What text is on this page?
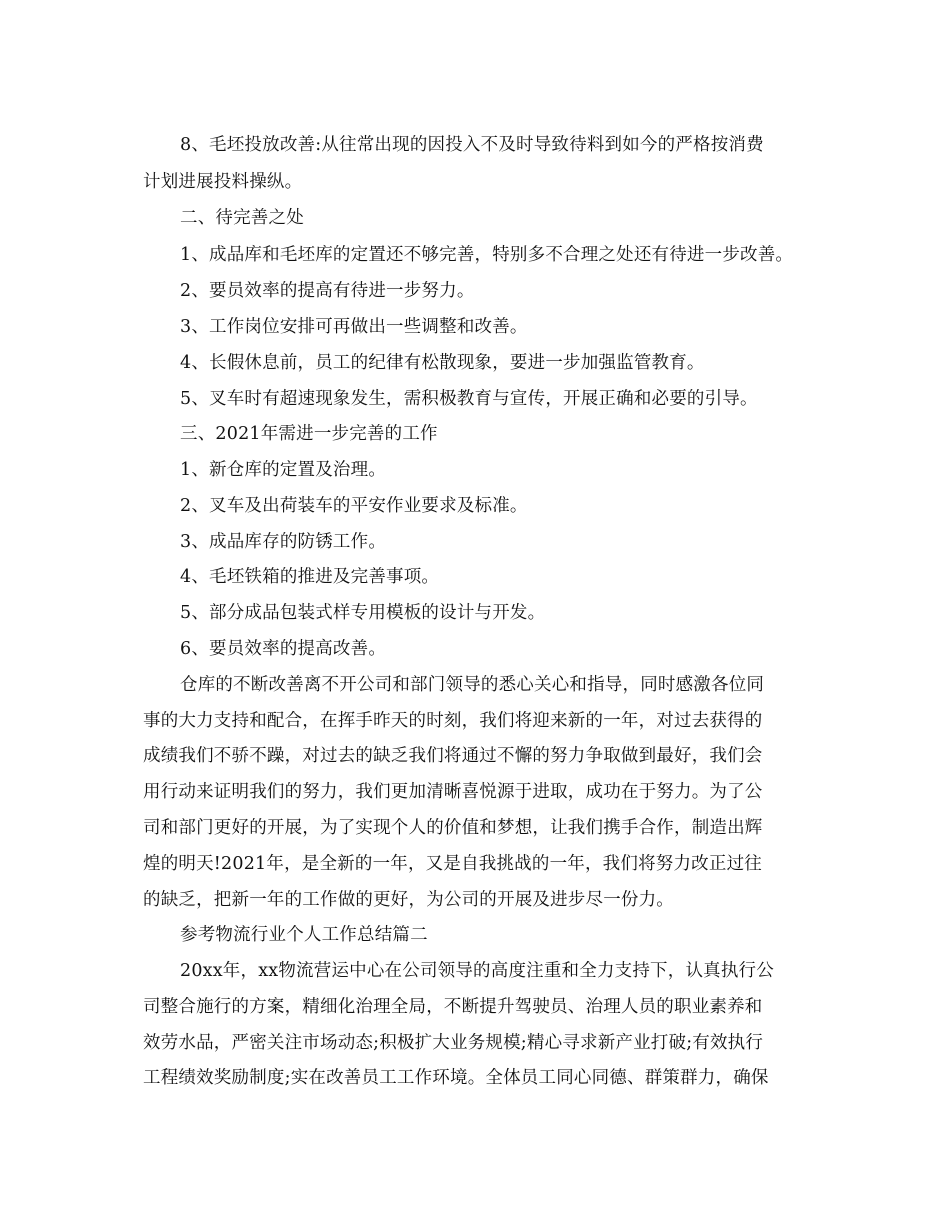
8、毛坯投放改善:从往常出现的因投入不及时导致待料到如今的严格按消费
计划进展投料操纵。
二、待完善之处
1、成品库和毛坯库的定置还不够完善，特别多不合理之处还有待进一步改善。
2、要员效率的提高有待进一步努力。
3、工作岗位安排可再做出一些调整和改善。
4、长假休息前，员工的纪律有松散现象，要进一步加强监管教育。
5、叉车时有超速现象发生，需积极教育与宣传，开展正确和必要的引导。
三、2021年需进一步完善的工作
1、新仓库的定置及治理。
2、叉车及出荷装车的平安作业要求及标准。
3、成品库存的防锈工作。
4、毛坯铁箱的推进及完善事项。
5、部分成品包装式样专用模板的设计与开发。
6、要员效率的提高改善。
仓库的不断改善离不开公司和部门领导的悉心关心和指导，同时感激各位同
事的大力支持和配合，在挥手昨天的时刻，我们将迎来新的一年，对过去获得的
成绩我们不骄不躁，对过去的缺乏我们将通过不懈的努力争取做到最好，我们会
用行动来证明我们的努力，我们更加清晰喜悦源于进取，成功在于努力。为了公
司和部门更好的开展，为了实现个人的价值和梦想，让我们携手合作，制造出辉
煌的明天!2021年，是全新的一年，又是自我挑战的一年，我们将努力改正过往
的缺乏，把新一年的工作做的更好，为公司的开展及进步尽一份力。
参考物流行业个人工作总结篇二
20xx年，xx物流营运中心在公司领导的高度注重和全力支持下，认真执行公
司整合施行的方案，精细化治理全局，不断提升驾驶员、治理人员的职业素养和
效劳水品，严密关注市场动态;积极扩大业务规模;精心寻求新产业打破;有效执行
工程绩效奖励制度;实在改善员工工作环境。全体员工同心同德、群策群力，确保
